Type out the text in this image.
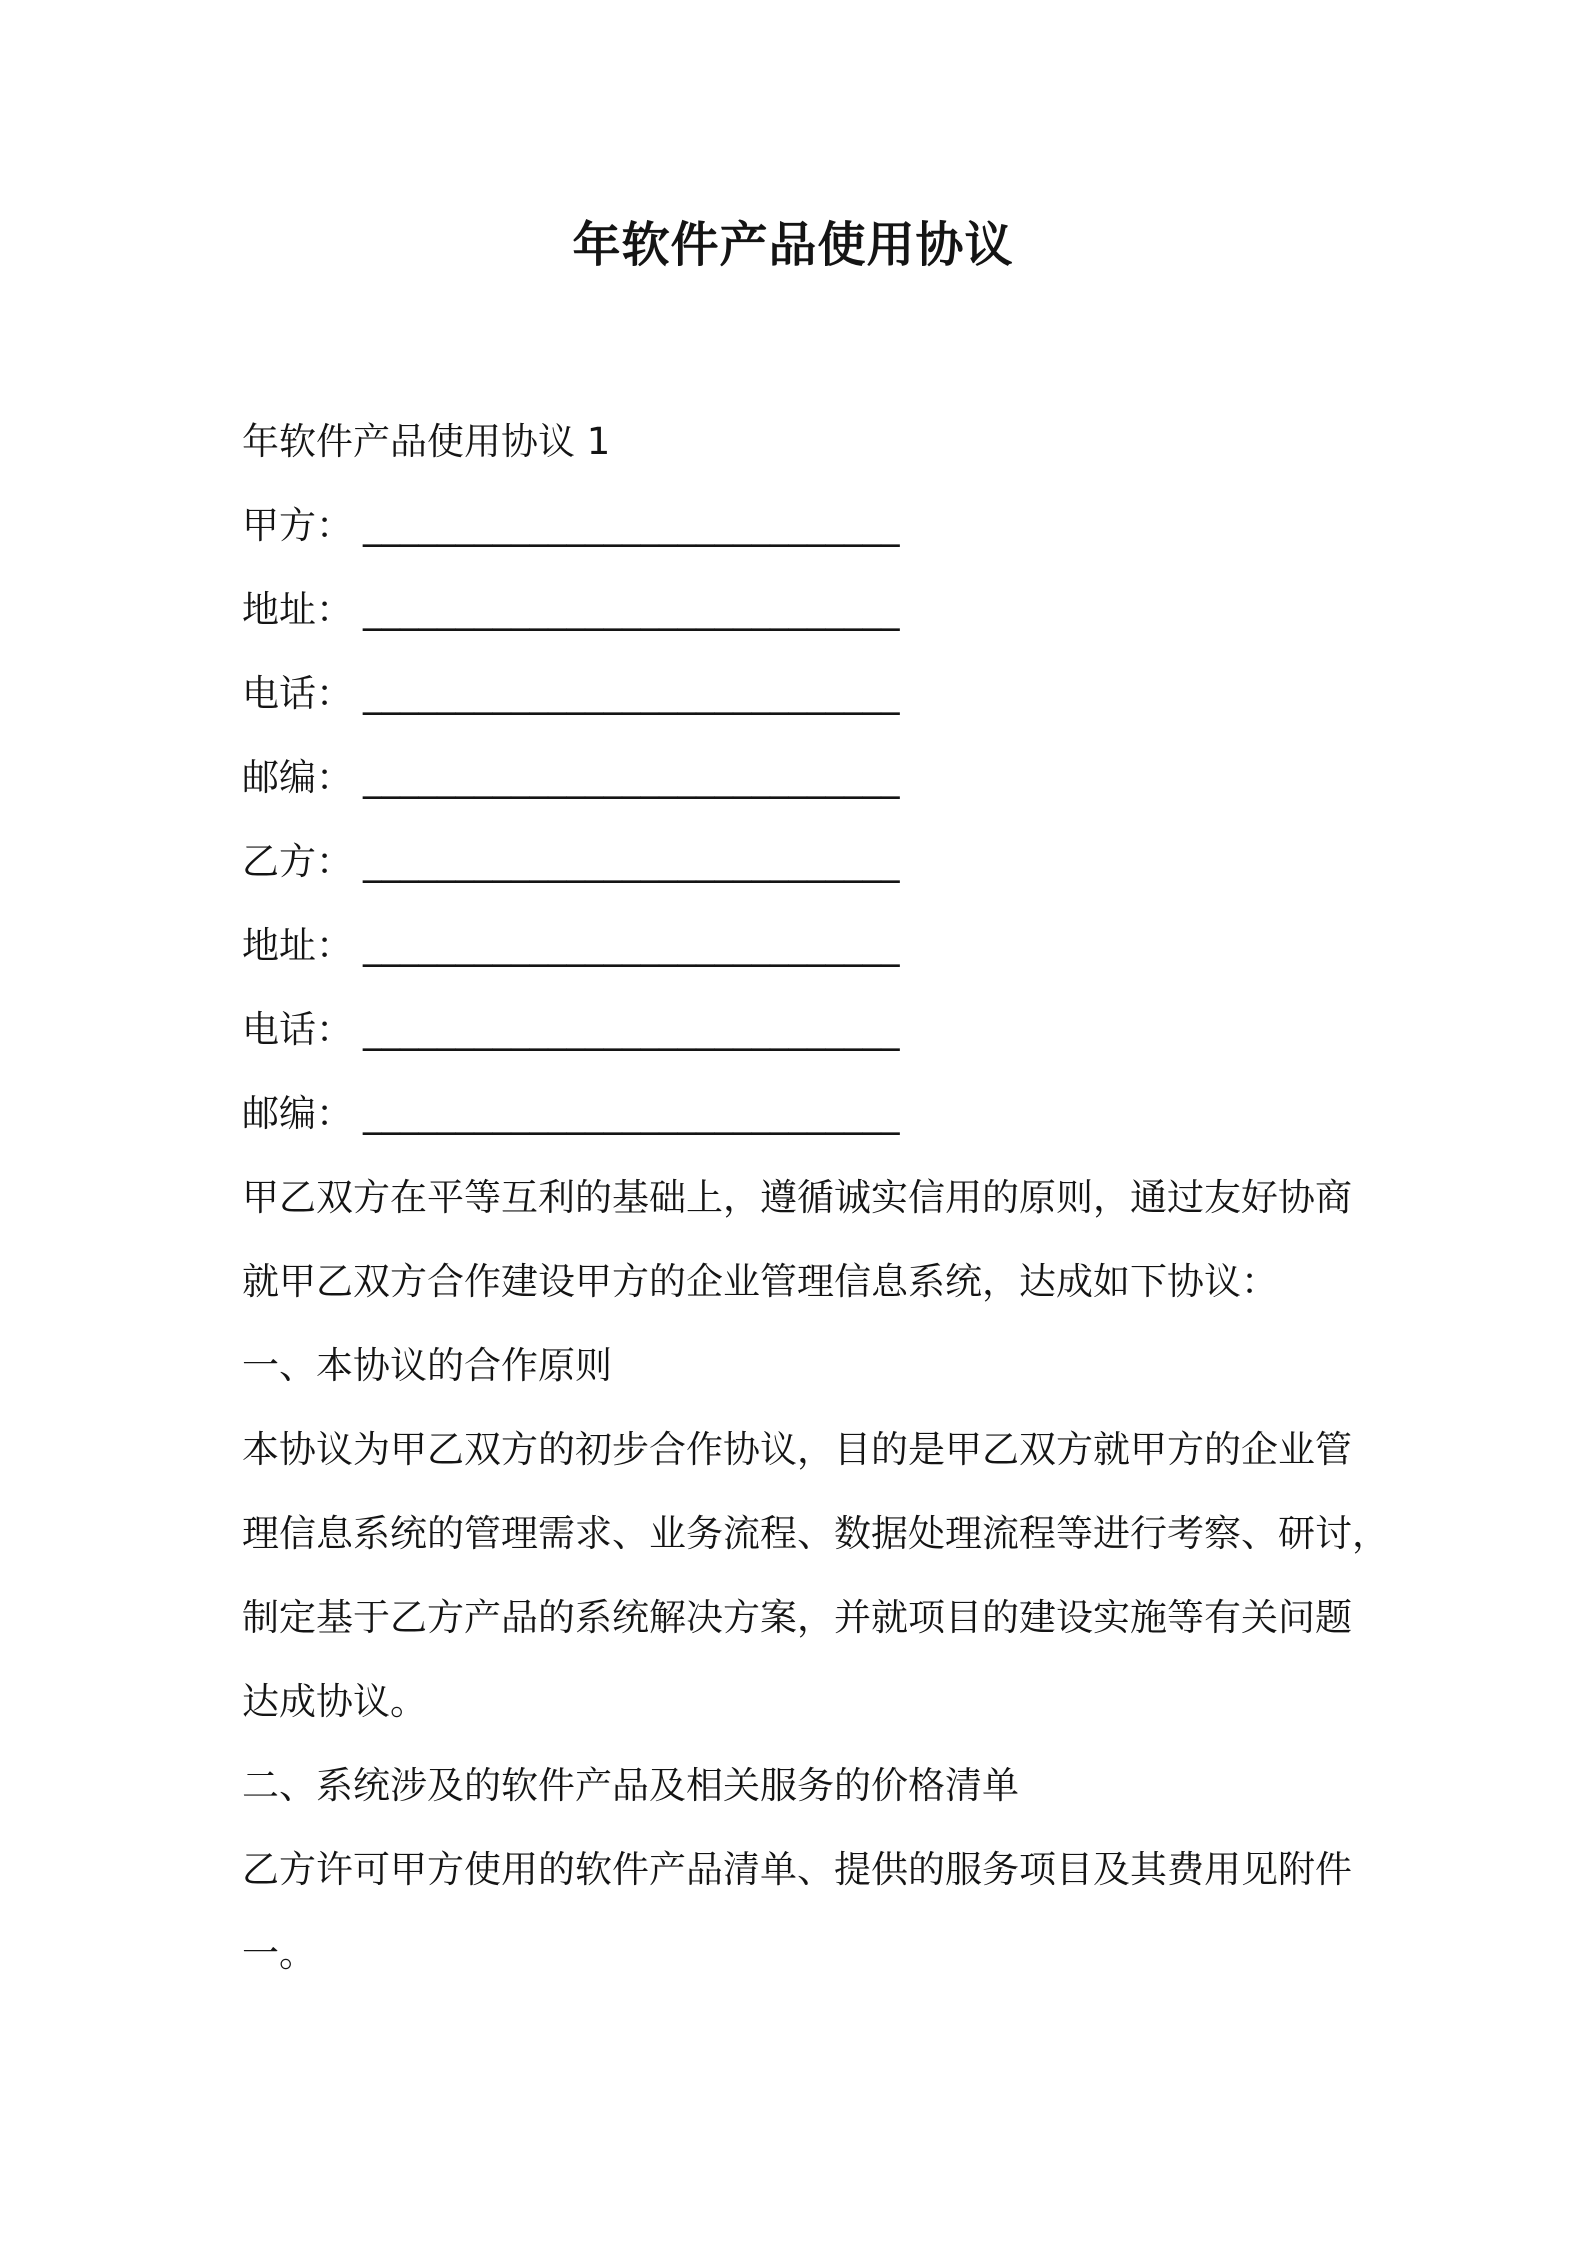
年软件产品使用协议
年软件产品使用协议 1
甲方： _____________________________
地址： _____________________________
电话： _____________________________
邮编： _____________________________
乙方： _____________________________
地址： _____________________________
电话： _____________________________
邮编： _____________________________
甲乙双方在平等互利的基础上，遵循诚实信用的原则，通过友好协商
就甲乙双方合作建设甲方的企业管理信息系统，达成如下协议：
一、本协议的合作原则
本协议为甲乙双方的初步合作协议，目的是甲乙双方就甲方的企业管
理信息系统的管理需求、业务流程、数据处理流程等进行考察、研讨，
制定基于乙方产品的系统解决方案，并就项目的建设实施等有关问题
达成协议。
二、系统涉及的软件产品及相关服务的价格清单
乙方许可甲方使用的软件产品清单、提供的服务项目及其费用见附件
一。
